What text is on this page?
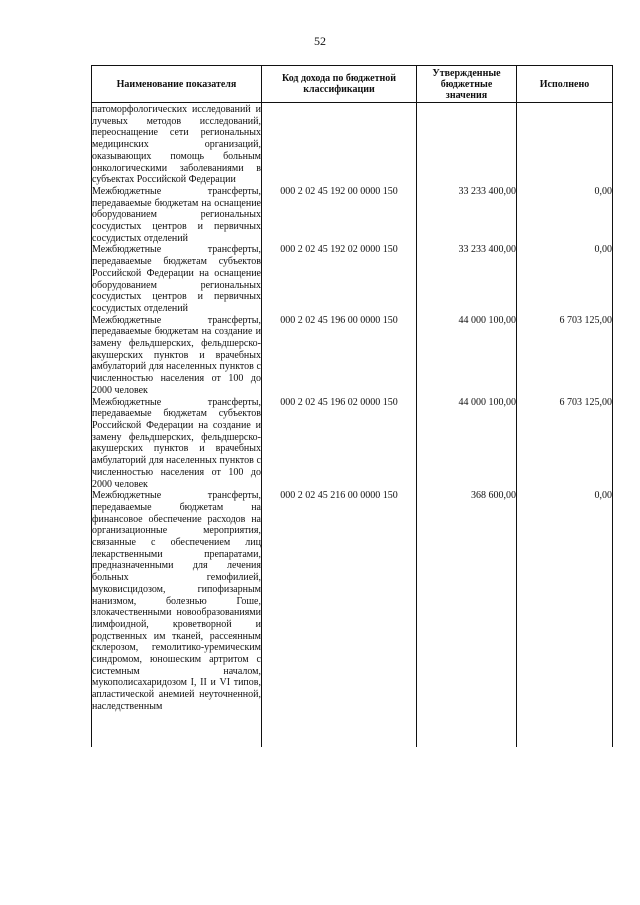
52
Наименование показателя	Код дохода по бюджетной классификации	Утвержденные бюджетные значения	Исполнено
патоморфологических исследований и лучевых методов исследований, переоснащение сети региональных медицинских организаций, оказывающих помощь больным онкологическими заболеваниями в субъектах Российской Федерации			
Межбюджетные трансферты, передаваемые бюджетам на оснащение оборудованием региональных сосудистых центров и первичных сосудистых отделений	000 2 02 45 192 00 0000 150	33 233 400,00	0,00
Межбюджетные трансферты, передаваемые бюджетам субъектов Российской Федерации на оснащение оборудованием региональных сосудистых центров и первичных сосудистых отделений	000 2 02 45 192 02 0000 150	33 233 400,00	0,00
Межбюджетные трансферты, передаваемые бюджетам на создание и замену фельдшерских, фельдшерско-акушерских пунктов и врачебных амбулаторий для населенных пунктов с численностью населения от 100 до 2000 человек	000 2 02 45 196 00 0000 150	44 000 100,00	6 703 125,00
Межбюджетные трансферты, передаваемые бюджетам субъектов Российской Федерации на создание и замену фельдшерских, фельдшерско-акушерских пунктов и врачебных амбулаторий для населенных пунктов с численностью населения от 100 до 2000 человек	000 2 02 45 196 02 0000 150	44 000 100,00	6 703 125,00
Межбюджетные трансферты, передаваемые бюджетам на финансовое обеспечение расходов на организационные мероприятия, связанные с обеспечением лиц лекарственными препаратами, предназначенными для лечения больных гемофилией, муковисцидозом, гипофизарным нанизмом, болезнью Гоше, злокачественными новообразованиями лимфоидной, кроветворной и родственных им тканей, рассеянным склерозом, гемолитико-уремическим синдромом, юношеским артритом с системным началом, мукополисахаридозом I, II и VI типов, апластической анемией неуточненной, наследственным	000 2 02 45 216 00 0000 150	368 600,00	0,00
